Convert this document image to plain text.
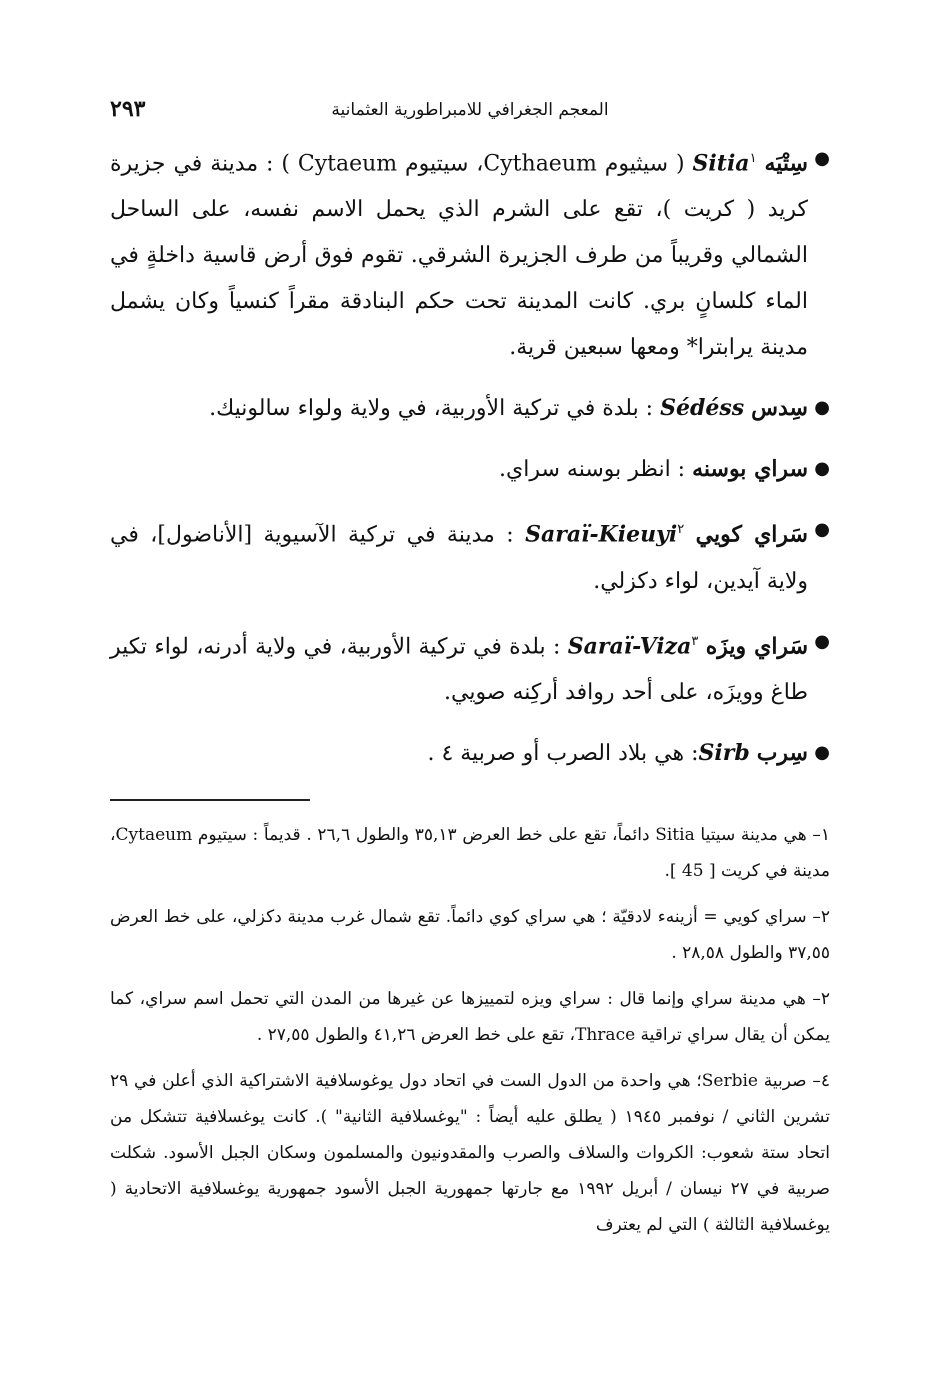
المعجم الجغرافي للامبراطورية العثمانية
٢٩٣
●
سِتْيَه Sitia$^١$ ( سيثيوم Cythaeum، سيتيوم Cytaeum ) : مدينة في جزيرة كريد ( كريت )، تقع على الشرم الذي يحمل الاسم نفسه، على الساحل الشمالي وقريباً من طرف الجزيرة الشرقي. تقوم فوق أرض قاسية داخلةٍ في الماء كلسانٍ بري. كانت المدينة تحت حكم البنادقة مقراً كنسياً وكان يشمل مدينة يرابترا* ومعها سبعين قرية.
●
سِدس Sédéss : بلدة في تركية الأوربية، في ولاية ولواء سالونيك.
●
سراي بوسنه : انظر بوسنه سراي.
●
سَراي كويي Saraï-Kieuyi$^٢$ : مدينة في تركية الآسيوية [الأناضول]، في ولاية آيدين، لواء دكزلي.
●
سَراي ويزَه Saraï-Viza$^٣$ : بلدة في تركية الأوربية، في ولاية أدرنه، لواء تكير طاغ وويزَه، على أحد روافد أركِنه صويي.
●
سِرب Sirb: هي بلاد الصرب أو صربية ٤ .
١– هي مدينة سيتيا Sitia دائماً، تقع على خط العرض ٣٥,١٣ والطول ٢٦,٦ . قديماً : سيتيوم Cytaeum، مدينة في كريت [ 45 ].
٢– سراي كويي = أزينهء لادقيّة ؛ هي سراي كوي دائماً. تقع شمال غرب مدينة دكزلي، على خط العرض ٣٧,٥٥ والطول ٢٨,٥٨ .
٢– هي مدينة سراي وإنما قال : سراي ويزه لتمييزها عن غيرها من المدن التي تحمل اسم سراي، كما يمكن أن يقال سراي تراقية Thrace، تقع على خط العرض ٤١,٢٦ والطول ٢٧,٥٥ .
٤– صربية Serbie؛ هي واحدة من الدول الست في اتحاد دول يوغوسلافية الاشتراكية الذي أعلن في ٢٩ تشرين الثاني / نوفمبر ١٩٤٥ ( يطلق عليه أيضاً : "يوغسلافية الثانية" ). كانت يوغسلافية تتشكل من اتحاد ستة شعوب: الكروات والسلاف والصرب والمقدونيون والمسلمون وسكان الجبل الأسود. شكلت صربية في ٢٧ نيسان / أبريل ١٩٩٢ مع جارتها جمهورية الجبل الأسود جمهورية يوغسلافية الاتحادية ( يوغسلافية الثالثة ) التي لم يعترف
